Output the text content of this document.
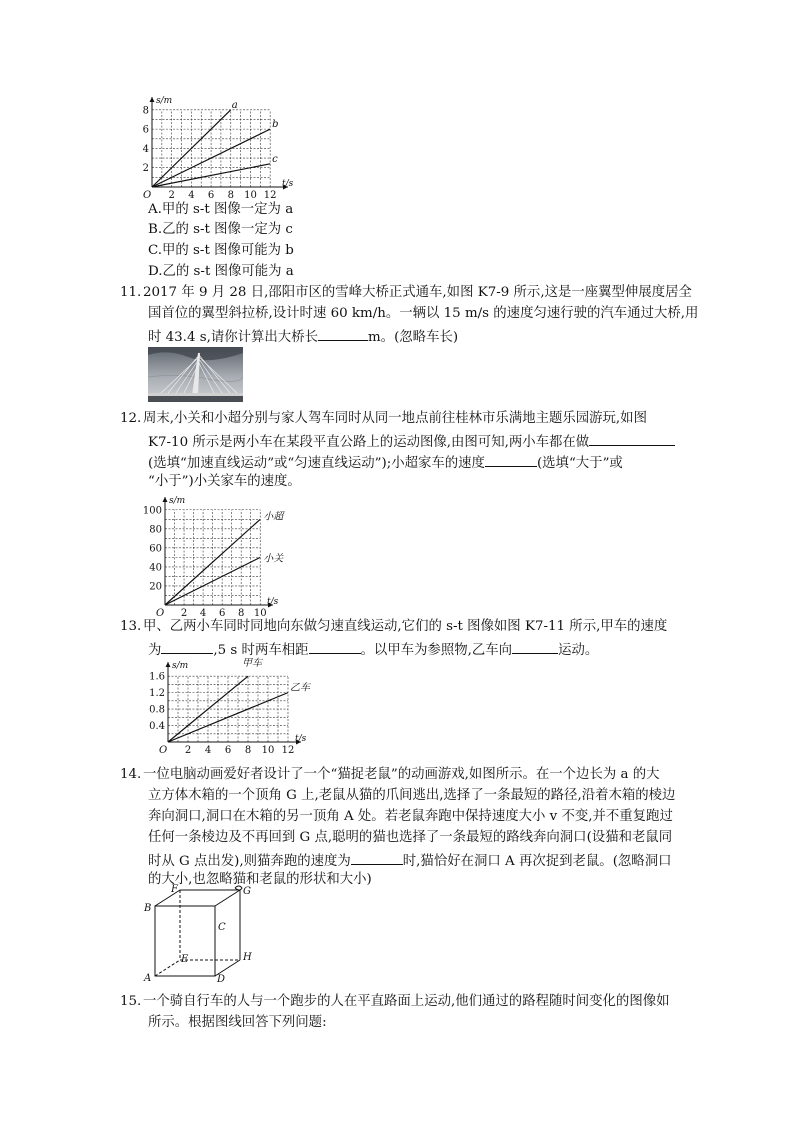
2 4 6 8 10 12
2
4
6
8
O
t/s
s/m	a
b
c
A.甲的 s-t 图像一定为 a
B.乙的 s-t 图像一定为 c
C.甲的 s-t 图像可能为 b
D.乙的 s-t 图像可能为 a
11. 2017 年 9 月 28 日,邵阳市区的雪峰大桥正式通车,如图 K7-9 所示,这是一座翼型伸展度居全
国首位的翼型斜拉桥,设计时速 60 km/h。一辆以 15 m/s 的速度匀速行驶的汽车通过大桥,用
时 43.4 s,请你计算出大桥长	m。(忽略车长)
12. 周末,小关和小超分别与家人驾车同时从同一地点前往桂林市乐满地主题乐园游玩,如图
K7-10 所示是两小车在某段平直公路上的运动图像,由图可知,两小车都在做
(选填“加速直线运动”或“匀速直线运动”);小超家车的速度	(选填“大于”或
“小于”)小关家车的速度。
2 4 6 8 10
20
40
60
80
100
O
t/s
s/m
小超
小关
13. 甲、乙两小车同时同地向东做匀速直线运动,它们的 s-t 图像如图 K7-11 所示,甲车的速度
为	,5 s 时两车相距	。以甲车为参照物,乙车向	运动。
2 4 6 8 10 12
0.4
0.8
1.2
1.6
O
t/s
s/m	甲车
乙车
14. 一位电脑动画爱好者设计了一个“猫捉老鼠”的动画游戏,如图所示。在一个边长为 a 的大
立方体木箱的一个顶角 G 上,老鼠从猫的爪间逃出,选择了一条最短的路径,沿着木箱的棱边
奔向洞口,洞口在木箱的另一顶角 A 处。若老鼠奔跑中保持速度大小 v 不变,并不重复跑过
任何一条棱边及不再回到 G 点,聪明的猫也选择了一条最短的路线奔向洞口(设猫和老鼠同
时从 G 点出发),则猫奔跑的速度为	时,猫恰好在洞口 A 再次捉到老鼠。(忽略洞口
的大小,也忽略猫和老鼠的形状和大小)
F	G
B
C
E	H
A	D
15. 一个骑自行车的人与一个跑步的人在平直路面上运动,他们通过的路程随时间变化的图像如
所示。根据图线回答下列问题:
